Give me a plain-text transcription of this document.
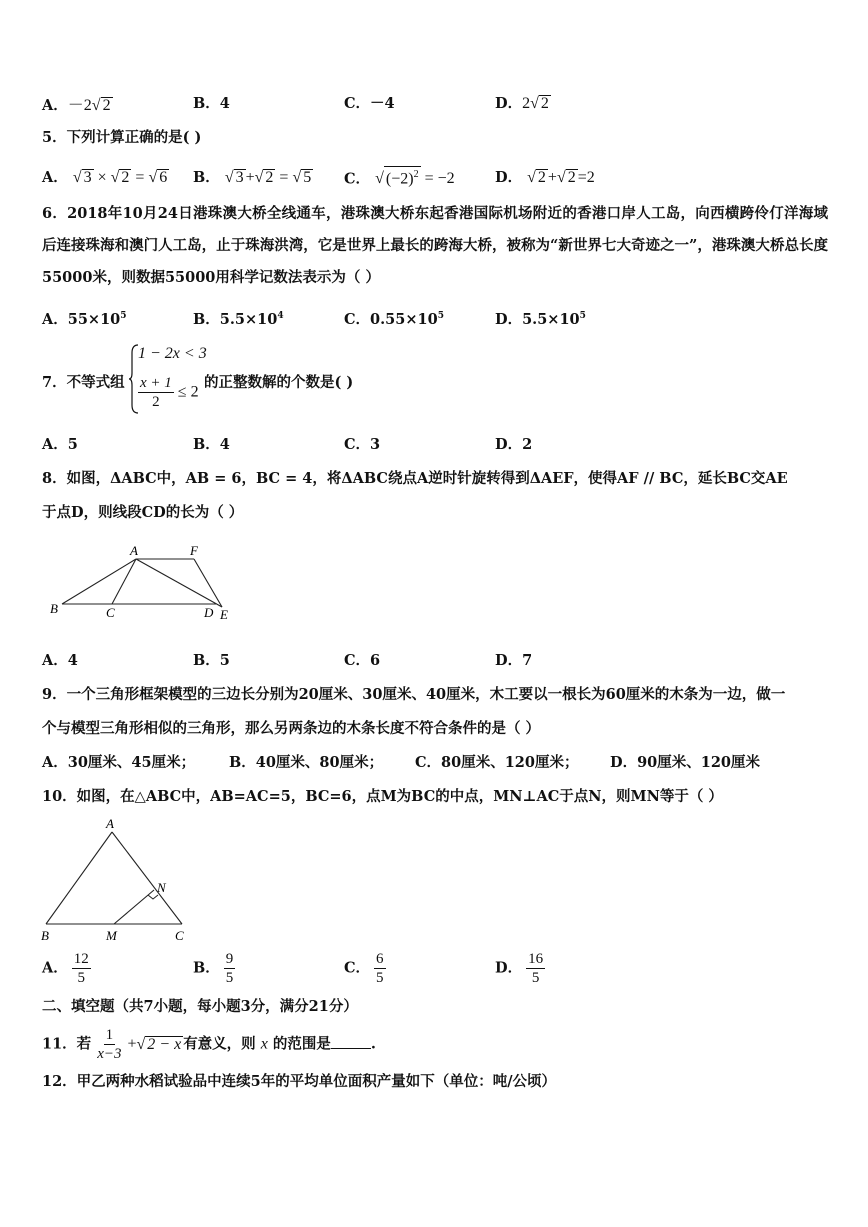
A．－2√ 2	B．4	C．－4	D．2√ 2
5．下列计算正确的是( )
A． √ 3 × √ 2 = √ 6 B． √ 3 +√ 2 = √ 5 C． √ $(-2)^2 = -2$	D． √ 2 +√ 2 =2
6．2018年10月24日港珠澳大桥全线通车，港珠澳大桥东起香港国际机场附近的香港口岸人工岛，向西横跨伶仃洋海域后连接珠海和澳门人工岛，止于珠海洪湾，它是世界上最长的跨海大桥，被称为“新世界七大奇迹之一”，港珠澳大桥总长度55000米，则数据55000用科学记数法表示为（ ）
A．$55\times 10^5$	B．$5.5\times 10^4$	C．$0.55\times 10^5$	D．$5.5\times 10^5$
7．不等式组
1 − 2x < 3
$\frac{x + 1}{2} \le 2$
的正整数解的个数是( )
A．5	B．4	C．3	D．2
8．如图，ΔABC中，AB = 6，BC = 4，将ΔABC绕点A逆时针旋转得到ΔAEF，使得AF // BC，延长BC交AE
于点D，则线段CD的长为（ ）
A	F
B	C	D E
A．4	B．5	C．6	D．7
9．一个三角形框架模型的三边长分别为20厘米、30厘米、40厘米，木工要以一根长为60厘米的木条为一边，做一
个与模型三角形相似的三角形，那么另两条边的木条长度不符合条件的是（ ）
A．30厘米、45厘米； B．40厘米、80厘米； C．80厘米、120厘米； D．90厘米、120厘米
10．如图，在△ABC中，AB=AC=5，BC=6，点M为BC的中点，MN⊥AC于点N，则MN等于（ ）
A
N
B	M	C
A． $\frac{12}{5}$	B． $\frac{9}{5}$	C． $\frac{6}{5}$	D． $\frac{16}{5}$
二、填空题（共7小题，每小题3分，满分21分）
11．若 $\frac{1}{x-3}$ +√ 2 − x 有意义，则 x 的范围是	.
12．甲乙两种水稻试验品中连续5年的平均单位面积产量如下（单位：吨/公顷）
